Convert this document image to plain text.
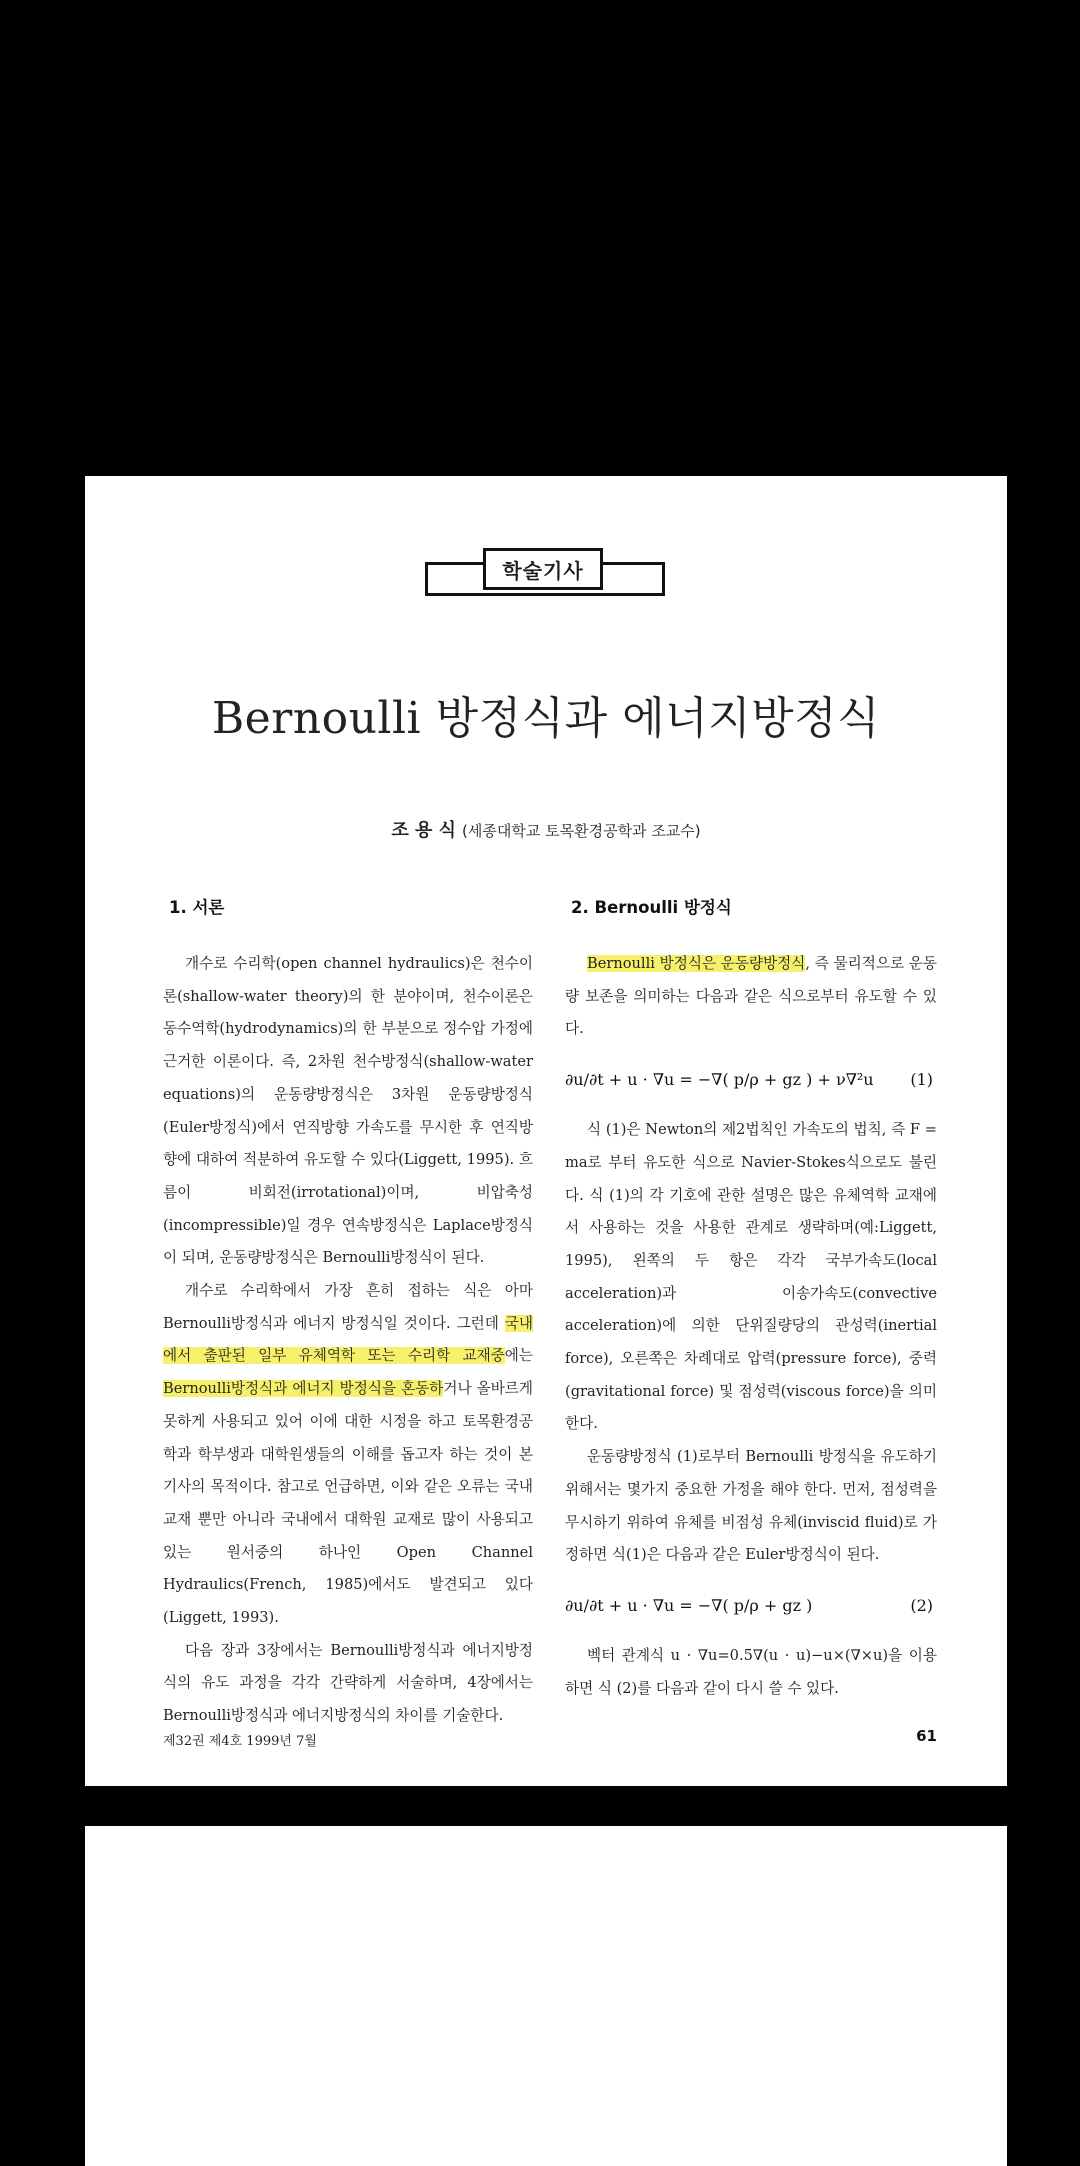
학술기사
Bernoulli 방정식과 에너지방정식
조 용 식 (세종대학교 토목환경공학과 조교수)
1. 서론

개수로 수리학(open channel hydraulics)은 천수이론(shallow-water theory)의 한 분야이며, 천수이론은 동수역학(hydrodynamics)의 한 부분으로 정수압 가정에 근거한 이론이다. 즉, 2차원 천수방정식(shallow-water equations)의 운동량방정식은 3차원 운동량방정식(Euler방정식)에서 연직방향 가속도를 무시한 후 연직방향에 대하여 적분하여 유도할 수 있다(Liggett, 1995). 흐름이 비회전(irrotational)이며, 비압축성(incompressible)일 경우 연속방정식은 Laplace방정식이 되며, 운동량방정식은 Bernoulli방정식이 된다.

개수로 수리학에서 가장 흔히 접하는 식은 아마 Bernoulli방정식과 에너지 방정식일 것이다. 그런데 국내에서 출판된 일부 유체역학 또는 수리학 교재중에는 Bernoulli방정식과 에너지 방정식을 혼동하거나 올바르게 못하게 사용되고 있어 이에 대한 시정을 하고 토목환경공학과 학부생과 대학원생들의 이해를 돕고자 하는 것이 본 기사의 목적이다. 참고로 언급하면, 이와 같은 오류는 국내 교재 뿐만 아니라 국내에서 대학원 교재로 많이 사용되고 있는 원서중의 하나인 Open Channel Hydraulics(French, 1985)에서도 발견되고 있다(Liggett, 1993).

다음 장과 3장에서는 Bernoulli방정식과 에너지방정식의 유도 과정을 각각 간략하게 서술하며, 4장에서는 Bernoulli방정식과 에너지방정식의 차이를 기술한다.

2. Bernoulli 방정식

Bernoulli 방정식은 운동량방정식, 즉 물리적으로 운동량 보존을 의미하는 다음과 같은 식으로부터 유도할 수 있다.

∂u/∂t + u · ∇u = −∇( p/ρ + gz ) + ν∇²u (1)

식 (1)은 Newton의 제2법칙인 가속도의 법칙, 즉 F = ma로 부터 유도한 식으로 Navier-Stokes식으로도 불린다. 식 (1)의 각 기호에 관한 설명은 많은 유체역학 교재에서 사용하는 것을 사용한 관계로 생략하며(예:Liggett, 1995), 왼쪽의 두 항은 각각 국부가속도(local acceleration)과 이송가속도(convective acceleration)에 의한 단위질량당의 관성력(inertial force), 오른쪽은 차례대로 압력(pressure force), 중력(gravitational force) 및 점성력(viscous force)을 의미한다.

운동량방정식 (1)로부터 Bernoulli 방정식을 유도하기 위해서는 몇가지 중요한 가정을 해야 한다. 먼저, 점성력을 무시하기 위하여 유체를 비점성 유체(inviscid fluid)로 가정하면 식(1)은 다음과 같은 Euler방정식이 된다.

∂u/∂t + u · ∇u = −∇( p/ρ + gz )	(2)

벡터 관계식 u · ∇u=0.5∇(u · u)−u×(∇×u)을 이용하면 식 (2)를 다음과 같이 다시 쓸 수 있다.

제32권 제4호 1999년 7월	61
